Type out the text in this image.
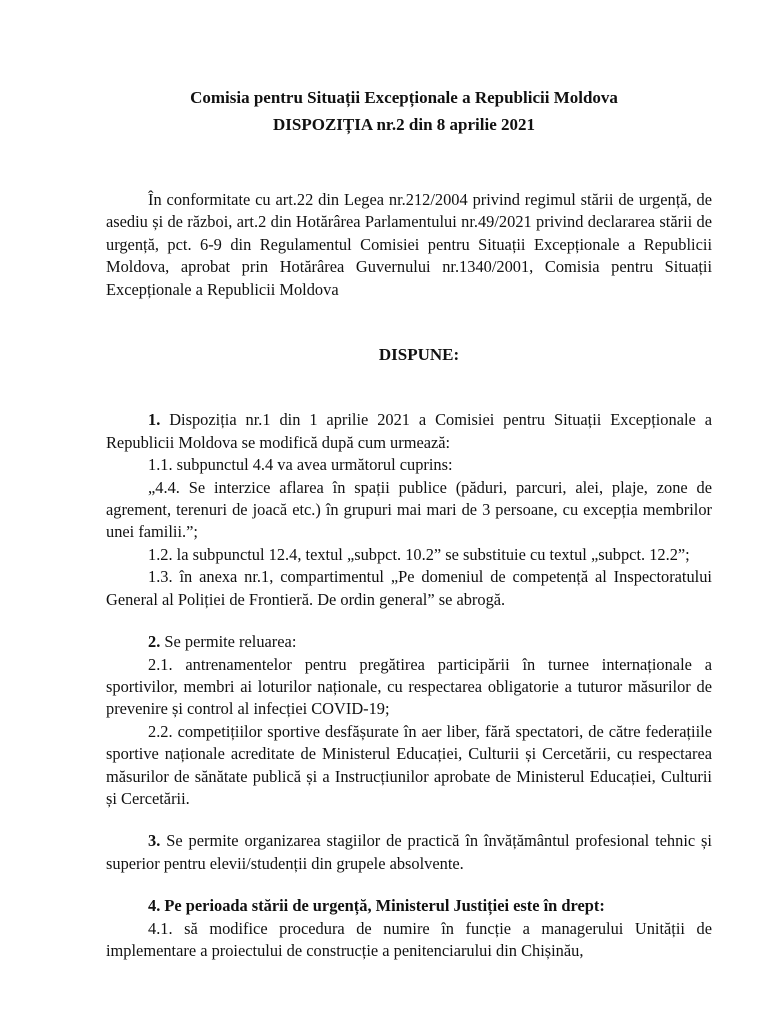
Comisia pentru Situații Excepționale a Republicii Moldova
DISPOZIȚIA nr.2 din 8 aprilie 2021

În conformitate cu art.22 din Legea nr.212/2004 privind regimul stării de urgență, de asediu și de război, art.2 din Hotărârea Parlamentului nr.49/2021 privind declararea stării de urgență, pct. 6-9 din Regulamentul Comisiei pentru Situații Excepționale a Republicii Moldova, aprobat prin Hotărârea Guvernului nr.1340/2001, Comisia pentru Situații Excepționale a Republicii Moldova

DISPUNE:

1. Dispoziția nr.1 din 1 aprilie 2021 a Comisiei pentru Situații Excepționale a Republicii Moldova se modifică după cum urmează:

1.1. subpunctul 4.4 va avea următorul cuprins:

„4.4. Se interzice aflarea în spații publice (păduri, parcuri, alei, plaje, zone de agrement, terenuri de joacă etc.) în grupuri mai mari de 3 persoane, cu excepția membrilor unei familii.”;

1.2. la subpunctul 12.4, textul „subpct. 10.2” se substituie cu textul „subpct. 12.2”;

1.3. în anexa nr.1, compartimentul „Pe domeniul de competență al Inspectoratului General al Poliției de Frontieră. De ordin general” se abrogă.

2. Se permite reluarea:

2.1. antrenamentelor pentru pregătirea participării în turnee internaționale a sportivilor, membri ai loturilor naționale, cu respectarea obligatorie a tuturor măsurilor de prevenire și control al infecției COVID-19;

2.2. competițiilor sportive desfășurate în aer liber, fără spectatori, de către federațiile sportive naționale acreditate de Ministerul Educației, Culturii și Cercetării, cu respectarea măsurilor de sănătate publică și a Instrucțiunilor aprobate de Ministerul Educației, Culturii și Cercetării.

3. Se permite organizarea stagiilor de practică în învățământul profesional tehnic și superior pentru elevii/studenții din grupele absolvente.

4. Pe perioada stării de urgență, Ministerul Justiției este în drept:

4.1. să modifice procedura de numire în funcție a managerului Unității de implementare a proiectului de construcție a penitenciarului din Chișinău,
